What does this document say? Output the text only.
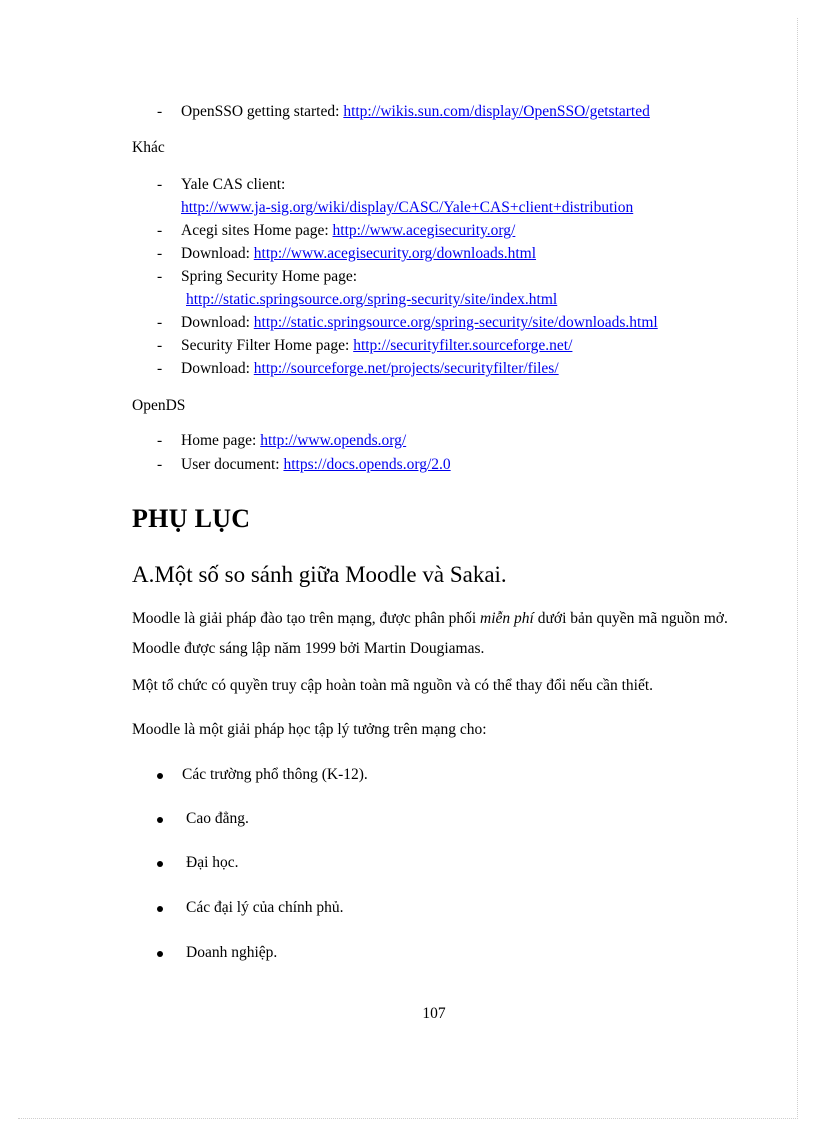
- OpenSSO getting started: http://wikis.sun.com/display/OpenSSO/getstarted
Khác
- Yale CAS client:
http://www.ja-sig.org/wiki/display/CASC/Yale+CAS+client+distribution
- Acegi sites Home page: http://www.acegisecurity.org/
- Download: http://www.acegisecurity.org/downloads.html
- Spring Security Home page:
http://static.springsource.org/spring-security/site/index.html
- Download: http://static.springsource.org/spring-security/site/downloads.html
- Security Filter Home page: http://securityfilter.sourceforge.net/
- Download: http://sourceforge.net/projects/securityfilter/files/
OpenDS
- Home page: http://www.opends.org/
- User document: https://docs.opends.org/2.0
PHỤ LỤC
A.Một số so sánh giữa Moodle và Sakai.
Moodle là giải pháp đào tạo trên mạng, được phân phối miễn phí dưới bản quyền mã nguồn mở. Moodle được sáng lập năm 1999 bởi Martin Dougiamas.
Một tổ chức có quyền truy cập hoàn toàn mã nguồn và có thể thay đổi nếu cần thiết.
Moodle là một giải pháp học tập lý tưởng trên mạng cho:
Các trường phổ thông (K-12).
Cao đẳng.
Đại học.
Các đại lý của chính phủ.
Doanh nghiệp.
107
